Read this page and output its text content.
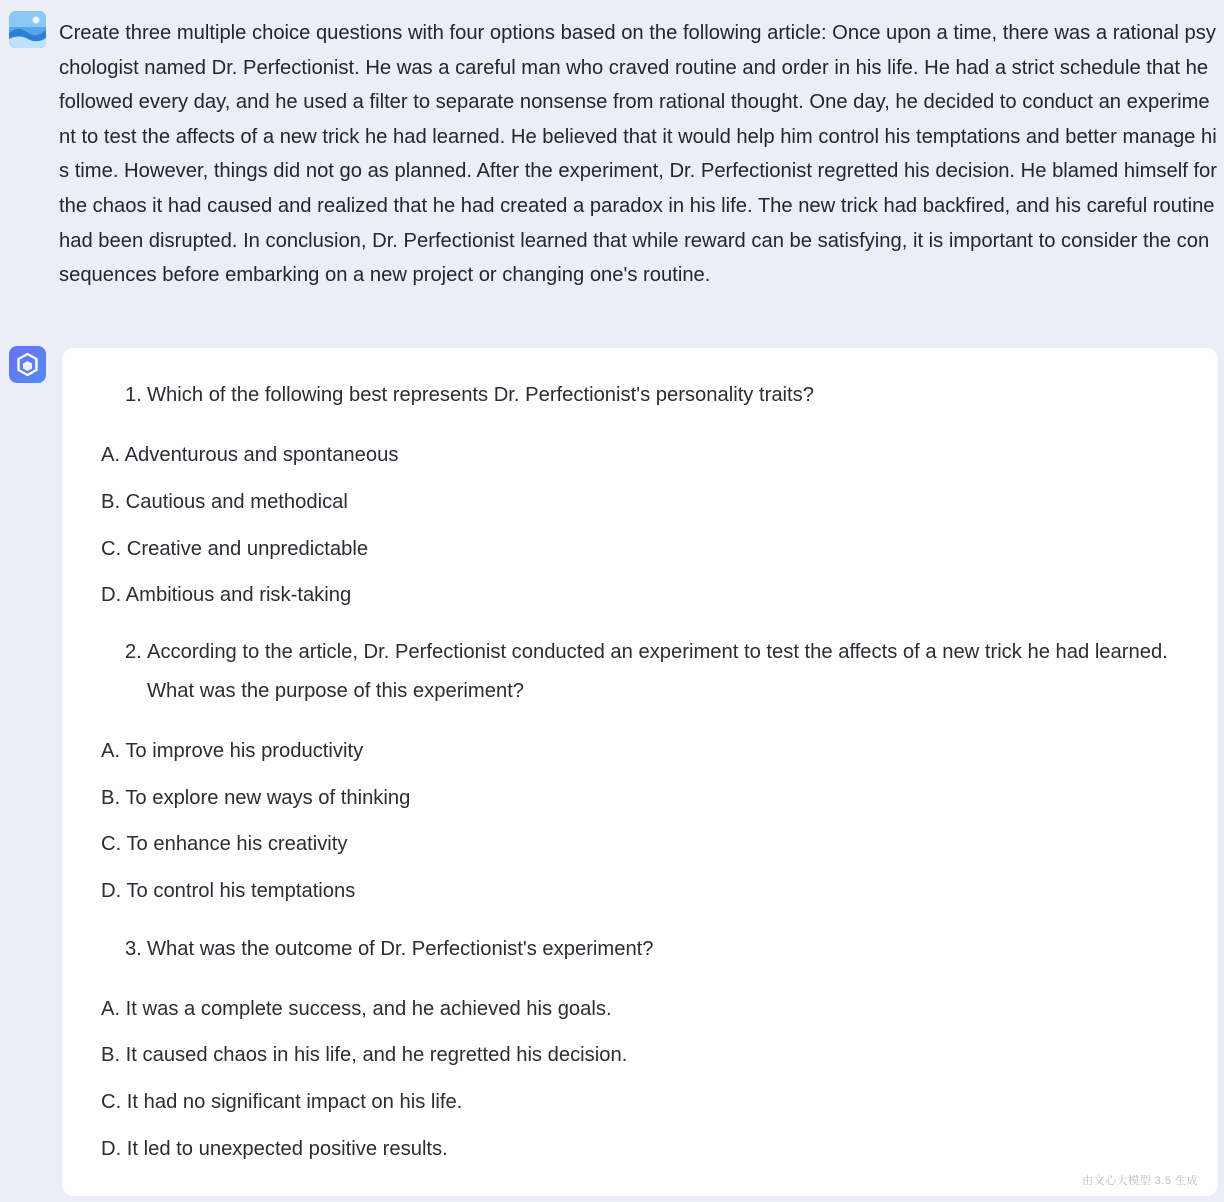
Create three multiple choice questions with four options based on the following article: Once upon a time, there was a rational psychologist named Dr. Perfectionist. He was a careful man who craved routine and order in his life. He had a strict schedule that he followed every day, and he used a filter to separate nonsense from rational thought. One day, he decided to conduct an experiment to test the affects of a new trick he had learned. He believed that it would help him control his temptations and better manage his time. However, things did not go as planned. After the experiment, Dr. Perfectionist regretted his decision. He blamed himself for the chaos it had caused and realized that he had created a paradox in his life. The new trick had backfired, and his careful routine had been disrupted. In conclusion, Dr. Perfectionist learned that while reward can be satisfying, it is important to consider the consequences before embarking on a new project or changing one's routine.

1. Which of the following best represents Dr. Perfectionist's personality traits?

A. Adventurous and spontaneous

B. Cautious and methodical

C. Creative and unpredictable

D. Ambitious and risk-taking

2. According to the article, Dr. Perfectionist conducted an experiment to test the affects of a new trick he had learned. What was the purpose of this experiment?

A. To improve his productivity

B. To explore new ways of thinking

C. To enhance his creativity

D. To control his temptations

3. What was the outcome of Dr. Perfectionist's experiment?

A. It was a complete success, and he achieved his goals.

B. It caused chaos in his life, and he regretted his decision.

C. It had no significant impact on his life.

D. It led to unexpected positive results.

由文心大模型 3.5 生成
